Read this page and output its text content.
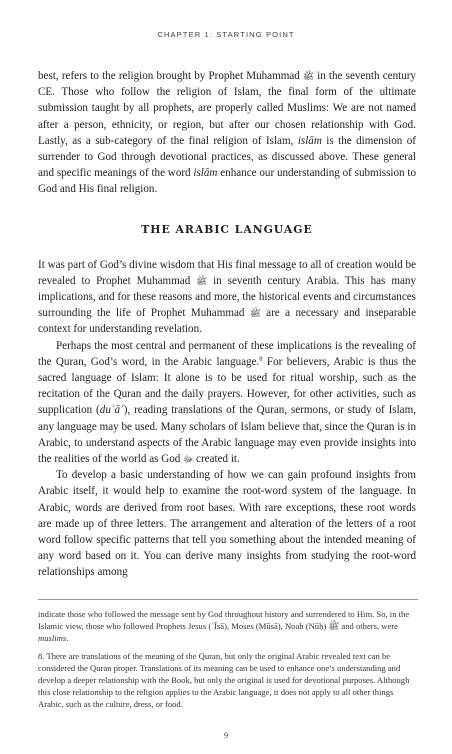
CHAPTER 1: STARTING POINT

best, refers to the religion brought by Prophet Muhammad ﷺ in the seventh century CE. Those who follow the religion of Islam, the final form of the ultimate submission taught by all prophets, are properly called Muslims: We are not named after a person, ethnicity, or region, but after our chosen relationship with God. Lastly, as a sub-category of the final religion of Islam, islām is the dimension of surrender to God through devotional practices, as discussed above. These general and specific meanings of the word islām enhance our understanding of submission to God and His final religion.

THE ARABIC LANGUAGE

It was part of God’s divine wisdom that His final message to all of creation would be revealed to Prophet Muhammad ﷺ in seventh century Arabia. This has many implications, and for these reasons and more, the historical events and circumstances surrounding the life of Prophet Muhammad ﷺ are a necessary and inseparable context for understanding revelation.

Perhaps the most central and permanent of these implications is the revealing of the Quran, God’s word, in the Arabic language.$^8$ For believers, Arabic is thus the sacred language of Islam: It alone is to be used for ritual worship, such as the recitation of the Quran and the daily prayers. However, for other activities, such as supplication (duʿāʾ), reading translations of the Quran, sermons, or study of Islam, any language may be used. Many scholars of Islam believe that, since the Quran is in Arabic, to understand aspects of the Arabic language may even provide insights into the realities of the world as God ﷻ created it.

To develop a basic understanding of how we can gain profound insights from Arabic itself, it would help to examine the root-word system of the language. In Arabic, words are derived from root bases. With rare exceptions, these root words are made up of three letters. The arrangement and alteration of the letters of a root word follow specific patterns that tell you something about the intended meaning of any word based on it. You can derive many insights from studying the root-word relationships among

indicate those who followed the message sent by God throughout history and surrendered to Him. So, in the Islamic view, those who followed Prophets Jesus (ʿĪsā), Moses (Mūsā), Noah (Nūḥ) ﷺ and others, were muslims.

8. There are translations of the meaning of the Quran, but only the original Arabic revealed text can be considered the Quran proper. Translations of its meaning can be used to enhance one’s understanding and develop a deeper relationship with the Book, but only the original is used for devotional purposes. Although this close relationship to the religion applies to the Arabic language, it does not apply to all other things Arabic, such as the culture, dress, or food.

9
